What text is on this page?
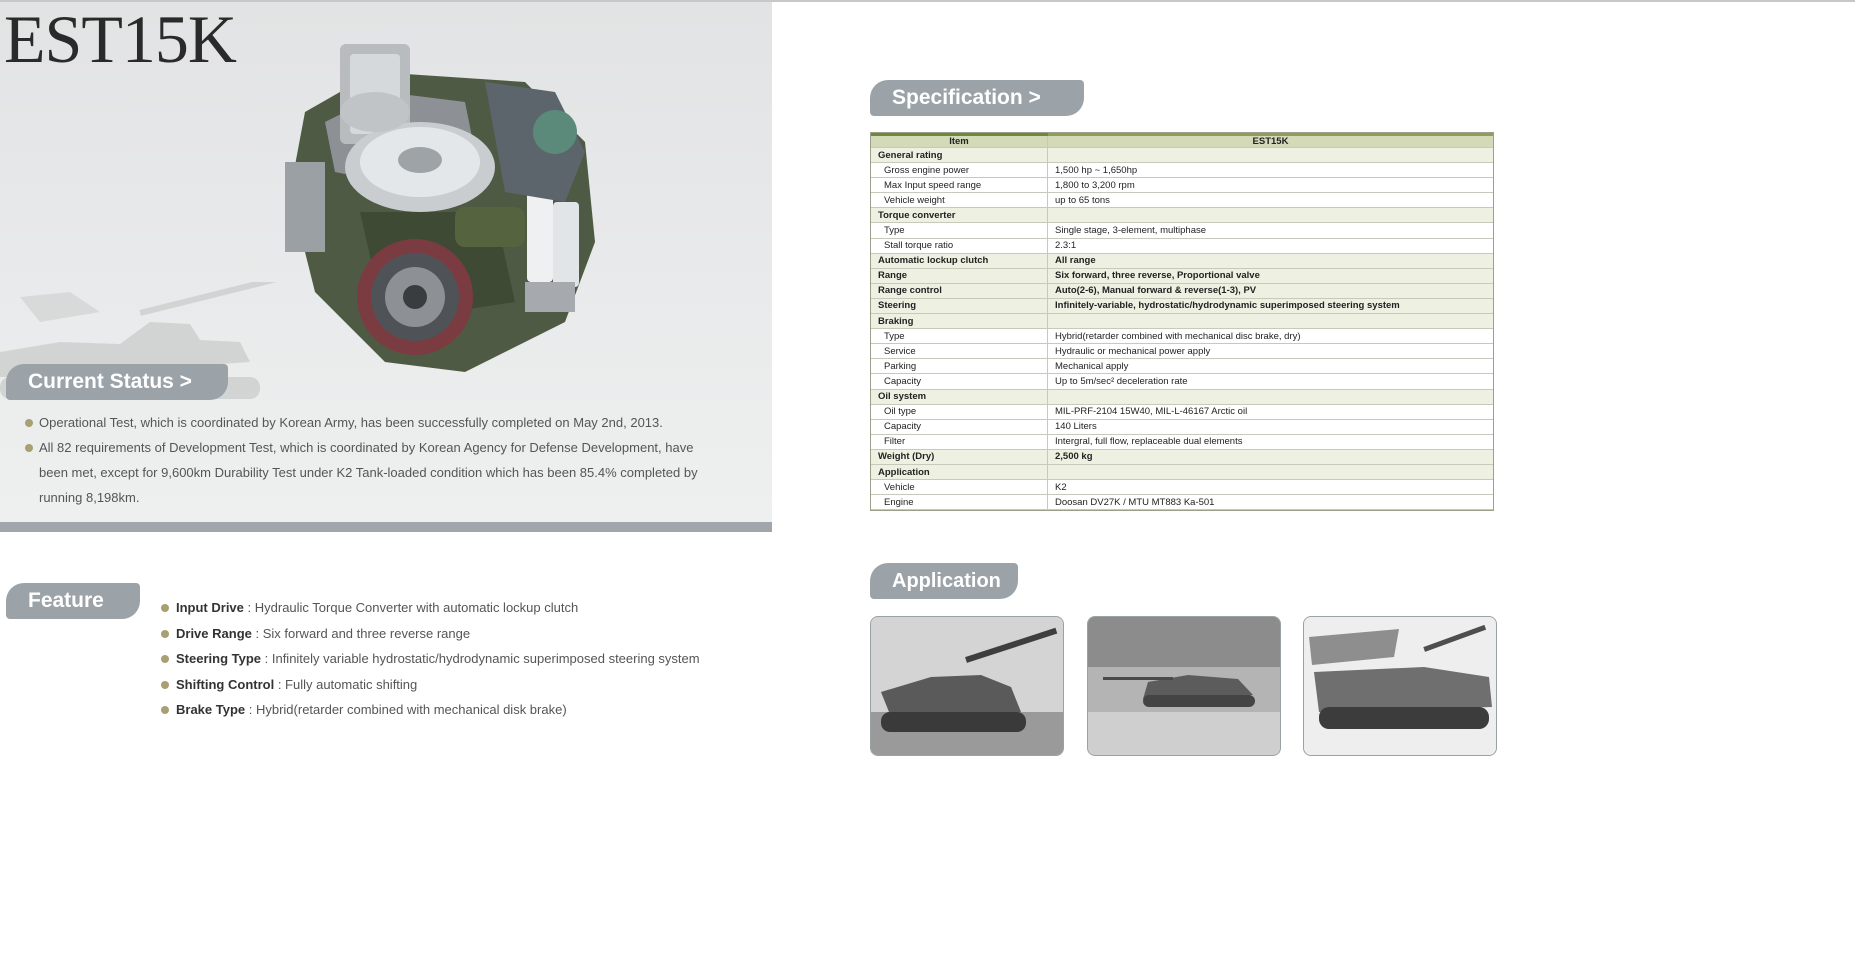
EST15K
Current Status >
Operational Test, which is coordinated by Korean Army, has been successfully completed on May 2nd, 2013.
All 82 requirements of Development Test, which is coordinated by Korean Agency for Defense Development, have been met, except for 9,600km Durability Test under K2 Tank-loaded condition which has been 85.4% completed by running 8,198km.
Feature >
Input Drive : Hydraulic Torque Converter with automatic lockup clutch
Drive Range : Six forward and three reverse range
Steering Type : Infinitely variable hydrostatic/hydrodynamic superimposed steering system
Shifting Control : Fully automatic shifting
Brake Type : Hybrid(retarder combined with mechanical disk brake)
Specification >
Item	EST15K
General rating	
Gross engine power	1,500 hp ~ 1,650hp
Max Input speed range	1,800 to 3,200 rpm
Vehicle weight	up to 65 tons
Torque converter	
Type	Single stage, 3-element, multiphase
Stall torque ratio	2.3:1
Automatic lockup clutch	All range
Range	Six forward, three reverse, Proportional valve
Range control	Auto(2-6), Manual forward & reverse(1-3), PV
Steering	Infinitely-variable, hydrostatic/hydrodynamic superimposed steering system
Braking	
Type	Hybrid(retarder combined with mechanical disc brake, dry)
Service	Hydraulic or mechanical power apply
Parking	Mechanical apply
Capacity	Up to 5m/sec² deceleration rate
Oil system	
Oil type	MIL-PRF-2104 15W40, MIL-L-46167 Arctic oil
Capacity	140 Liters
Filter	Intergral, full flow, replaceable dual elements
Weight (Dry)	2,500 kg
Application	
Vehicle	K2
Engine	Doosan DV27K / MTU MT883 Ka-501
Application
